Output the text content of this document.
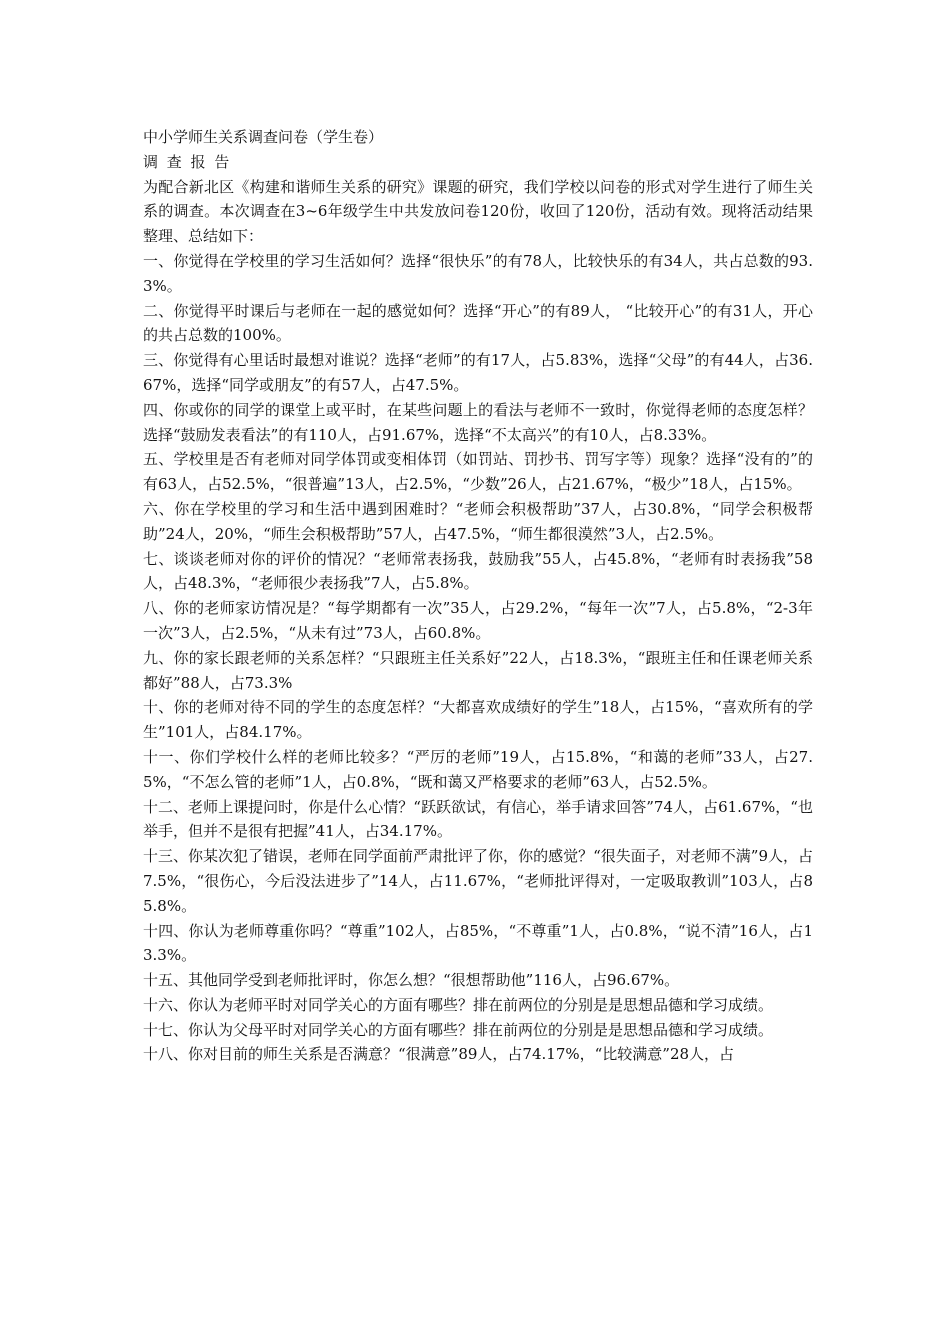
中小学师生关系调查问卷（学生卷）

调 查 报 告

为配合新北区《构建和谐师生关系的研究》课题的研究，我们学校以问卷的形式对学生进行了师生关系的调查。本次调查在3~6年级学生中共发放问卷120份，收回了120份，活动有效。现将活动结果整理、总结如下：

一、你觉得在学校里的学习生活如何？选择“很快乐”的有78人，比较快乐的有34人，共占总数的93.3%。

二、你觉得平时课后与老师在一起的感觉如何？选择“开心”的有89人， “比较开心”的有31人，开心的共占总数的100%。

三、你觉得有心里话时最想对谁说？选择“老师”的有17人，占5.83%，选择“父母”的有44人，占36.67%，选择“同学或朋友”的有57人，占47.5%。

四、你或你的同学的课堂上或平时，在某些问题上的看法与老师不一致时，你觉得老师的态度怎样？选择“鼓励发表看法”的有110人，占91.67%，选择“不太高兴”的有10人，占8.33%。

五、学校里是否有老师对同学体罚或变相体罚（如罚站、罚抄书、罚写字等）现象？选择“没有的”的有63人，占52.5%，“很普遍”13人，占2.5%，“少数”26人，占21.67%，“极少”18人，占15%。

六、你在学校里的学习和生活中遇到困难时？“老师会积极帮助”37人，占30.8%，“同学会积极帮助”24人，20%，“师生会积极帮助”57人，占47.5%，“师生都很漠然”3人，占2.5%。

七、谈谈老师对你的评价的情况？“老师常表扬我，鼓励我”55人，占45.8%，“老师有时表扬我”58人，占48.3%，“老师很少表扬我”7人，占5.8%。

八、你的老师家访情况是？“每学期都有一次”35人，占29.2%，“每年一次”7人，占5.8%，“2-3年一次”3人，占2.5%，“从未有过”73人，占60.8%。

九、你的家长跟老师的关系怎样？“只跟班主任关系好”22人，占18.3%，“跟班主任和任课老师关系都好”88人，占73.3%

十、你的老师对待不同的学生的态度怎样？“大都喜欢成绩好的学生”18人，占15%，“喜欢所有的学生”101人，占84.17%。

十一、你们学校什么样的老师比较多？“严厉的老师”19人，占15.8%，“和蔼的老师”33人，占27.5%，“不怎么管的老师”1人，占0.8%，“既和蔼又严格要求的老师”63人，占52.5%。

十二、老师上课提问时，你是什么心情？“跃跃欲试，有信心，举手请求回答”74人，占61.67%，“也举手，但并不是很有把握”41人，占34.17%。

十三、你某次犯了错误，老师在同学面前严肃批评了你，你的感觉？“很失面子，对老师不满”9人，占7.5%，“很伤心，今后没法进步了”14人，占11.67%，“老师批评得对，一定吸取教训”103人，占85.8%。

十四、你认为老师尊重你吗？“尊重”102人，占85%，“不尊重”1人，占0.8%，“说不清”16人，占13.3%。

十五、其他同学受到老师批评时，你怎么想？“很想帮助他”116人，占96.67%。

十六、你认为老师平时对同学关心的方面有哪些？排在前两位的分别是是思想品德和学习成绩。

十七、你认为父母平时对同学关心的方面有哪些？排在前两位的分别是是思想品德和学习成绩。

十八、你对目前的师生关系是否满意？“很满意”89人，占74.17%，“比较满意”28人，占
